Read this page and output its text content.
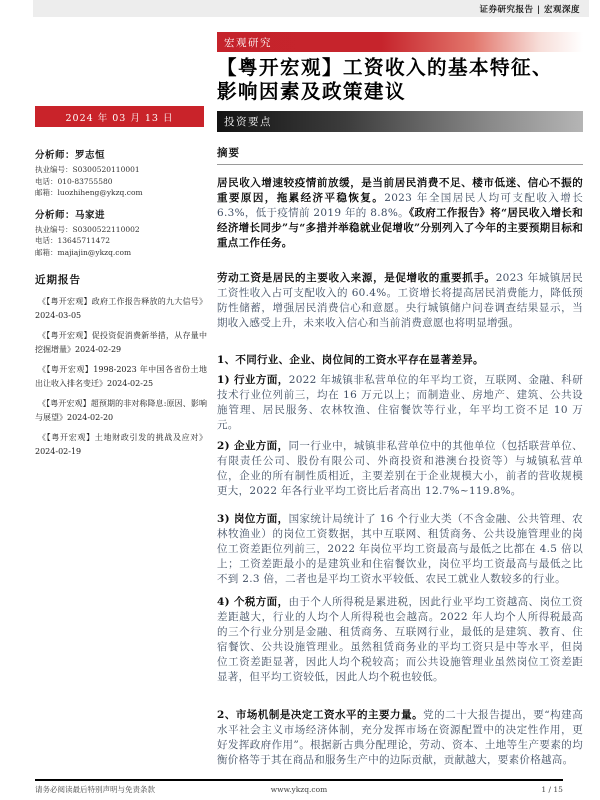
证券研究报告 | 宏观深度
2024 年 03 月 13 日
分析师：罗志恒
执业编号：S0300520110001
电话：010-83755580
邮箱：luozhiheng@ykzq.com
分析师：马家进
执业编号：S0300522110002
电话：13645711472
邮箱：majiajin@ykzq.com
近期报告
《【粤开宏观】政府工作报告释放的九大信号》2024-03-05
《【粤开宏观】促投资促消费新举措，从存量中挖掘增量》2024-02-29
《【粤开宏观】1998-2023 年中国各省份土地出让收入排名变迁》2024-02-25
《【粤开宏观】超预期的非对称降息:原因、影响与展望》2024-02-20
《【粤开宏观】土地财政引发的挑战及应对》2024-02-19
宏观研究
【粤开宏观】工资收入的基本特征、
影响因素及政策建议
投资要点
摘要

居民收入增速较疫情前放缓，是当前居民消费不足、楼市低迷、信心不振的重要原因，拖累经济平稳恢复。2023 年全国居民人均可支配收入增长 6.3%，低于疫情前 2019 年的 8.8%。《政府工作报告》将“居民收入增长和经济增长同步”与“多措并举稳就业促增收”分别列入了今年的主要预期目标和重点工作任务。

劳动工资是居民的主要收入来源，是促增收的重要抓手。2023 年城镇居民工资性收入占可支配收入的 60.4%。工资增长将提高居民消费能力，降低预防性储蓄，增强居民消费信心和意愿。央行城镇储户问卷调查结果显示，当期收入感受上升，未来收入信心和当前消费意愿也将明显增强。

1、不同行业、企业、岗位间的工资水平存在显著差异。

1) 行业方面，2022 年城镇非私营单位的年平均工资，互联网、金融、科研技术行业位列前三，均在 16 万元以上；而制造业、房地产、建筑、公共设施管理、居民服务、农林牧渔、住宿餐饮等行业，年平均工资不足 10 万元。

2) 企业方面，同一行业中，城镇非私营单位中的其他单位（包括联营单位、有限责任公司、股份有限公司、外商投资和港澳台投资等）与城镇私营单位，企业的所有制性质相近，主要差别在于企业规模大小，前者的营收规模更大，2022 年各行业平均工资比后者高出 12.7%~119.8%。

3) 岗位方面，国家统计局统计了 16 个行业大类（不含金融、公共管理、农林牧渔业）的岗位工资数据，其中互联网、租赁商务、公共设施管理业的岗位工资差距位列前三，2022 年岗位平均工资最高与最低之比都在 4.5 倍以上；工资差距最小的是建筑业和住宿餐饮业，岗位平均工资最高与最低之比不到 2.3 倍，二者也是平均工资水平较低、农民工就业人数较多的行业。

4) 个税方面，由于个人所得税是累进税，因此行业平均工资越高、岗位工资差距越大，行业的人均个人所得税也会越高。2022 年人均个人所得税最高的三个行业分别是金融、租赁商务、互联网行业，最低的是建筑、教育、住宿餐饮、公共设施管理业。虽然租赁商务业的平均工资只是中等水平，但岗位工资差距显著，因此人均个税较高；而公共设施管理业虽然岗位工资差距显著，但平均工资较低，因此人均个税也较低。

2、市场机制是决定工资水平的主要力量。党的二十大报告提出，要“构建高水平社会主义市场经济体制，充分发挥市场在资源配置中的决定性作用，更好发挥政府作用”。根据新古典分配理论，劳动、资本、土地等生产要素的均衡价格等于其在商品和服务生产中的边际贡献，贡献越大，要素价格越高。

请务必阅读最后特别声明与免责条款	www.ykzq.com	1 / 15
